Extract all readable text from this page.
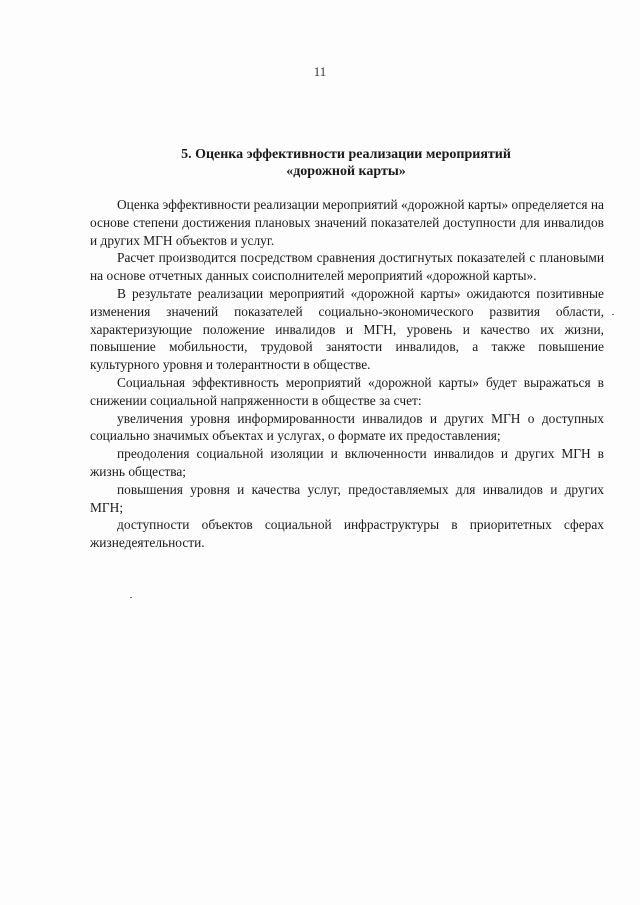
11
5. Оценка эффективности реализации мероприятий
«дорожной карты»

Оценка эффективности реализации мероприятий «дорожной карты» определяется на основе степени достижения плановых значений показателей доступности для инвалидов и других МГН объектов и услуг.

Расчет производится посредством сравнения достигнутых показателей с плановыми на основе отчетных данных соисполнителей мероприятий «дорожной карты».

В результате реализации мероприятий «дорожной карты» ожидаются позитивные изменения значений показателей социально-экономического развития области, характеризующие положение инвалидов и МГН, уровень и качество их жизни, повышение мобильности, трудовой занятости инвалидов, а также повышение культурного уровня и толерантности в обществе.

Социальная эффективность мероприятий «дорожной карты» будет выражаться в снижении социальной напряженности в обществе за счет:

увеличения уровня информированности инвалидов и других МГН о доступных социально значимых объектах и услугах, о формате их предоставления;

преодоления социальной изоляции и включенности инвалидов и других МГН в жизнь общества;

повышения уровня и качества услуг, предоставляемых для инвалидов и других МГН;

доступности объектов социальной инфраструктуры в приоритетных сферах жизнедеятельности.
